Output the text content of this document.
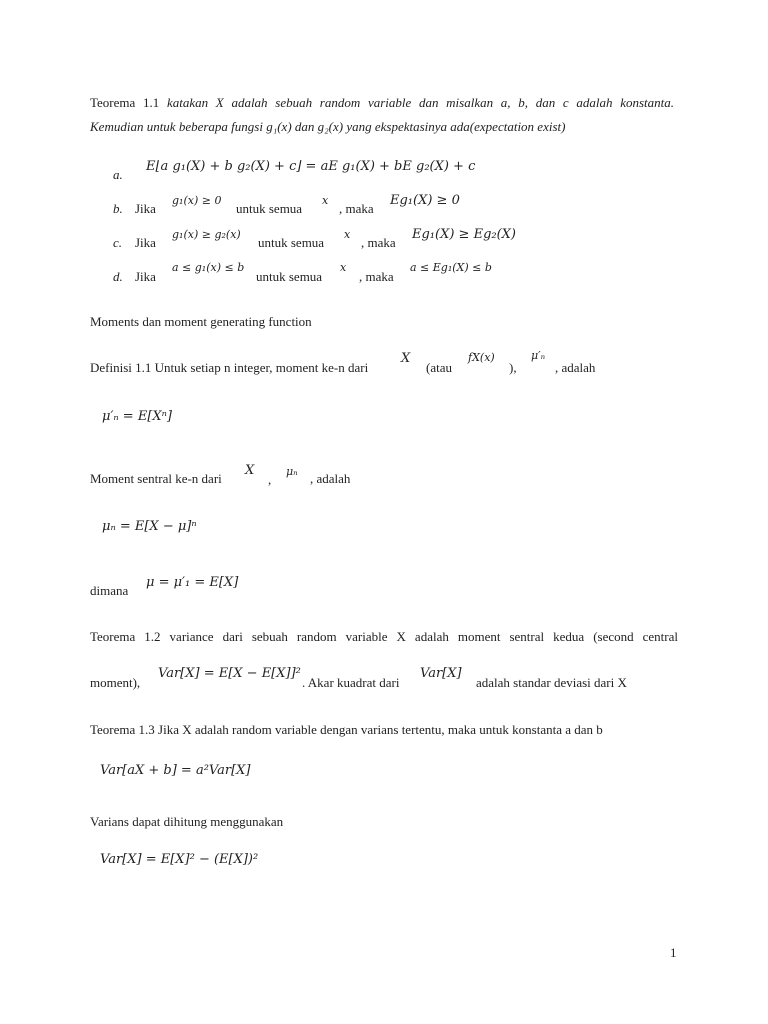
Teorema 1.1 katakan X adalah sebuah random variable dan misalkan a, b, dan c adalah konstanta.
Kemudian untuk beberapa fungsi g₁(x) dan g₂(x) yang ekspektasinya ada(expectation exist)
a.
E⌊a g₁(X) + b g₂(X) + c⌋ = aE g₁(X) + bE g₂(X) + c
b. Jika
g₁(x) ≥ 0
untuk semua
x
, maka
Eg₁(X) ≥ 0
c. Jika
g₁(x) ≥ g₂(x)
untuk semua
x
, maka
Eg₁(X) ≥ Eg₂(X)
d. Jika
a ≤ g₁(x) ≤ b
untuk semua
x
, maka
a ≤ Eg₁(X) ≤ b
Moments dan moment generating function
Definisi 1.1 Untuk setiap n integer, moment ke-n dari
X
(atau
fX(x)
),
μ′ₙ
, adalah
μ′ₙ = E[Xⁿ]
Moment sentral ke-n dari
X
,
μₙ , adalah
μₙ = E[X − μ]ⁿ
dimana
μ = μ′₁ = E[X]
Teorema 1.2 variance dari sebuah random variable X adalah moment sentral kedua (second central
moment),
Var[X] = E[X − E[X]]²
. Akar kuadrat dari
Var[X]
adalah standar deviasi dari X
Teorema 1.3 Jika X adalah random variable dengan varians tertentu, maka untuk konstanta a dan b
Var[aX + b] = a²Var[X]
Varians dapat dihitung menggunakan
Var[X] = E[X]² − (E[X])²
1
